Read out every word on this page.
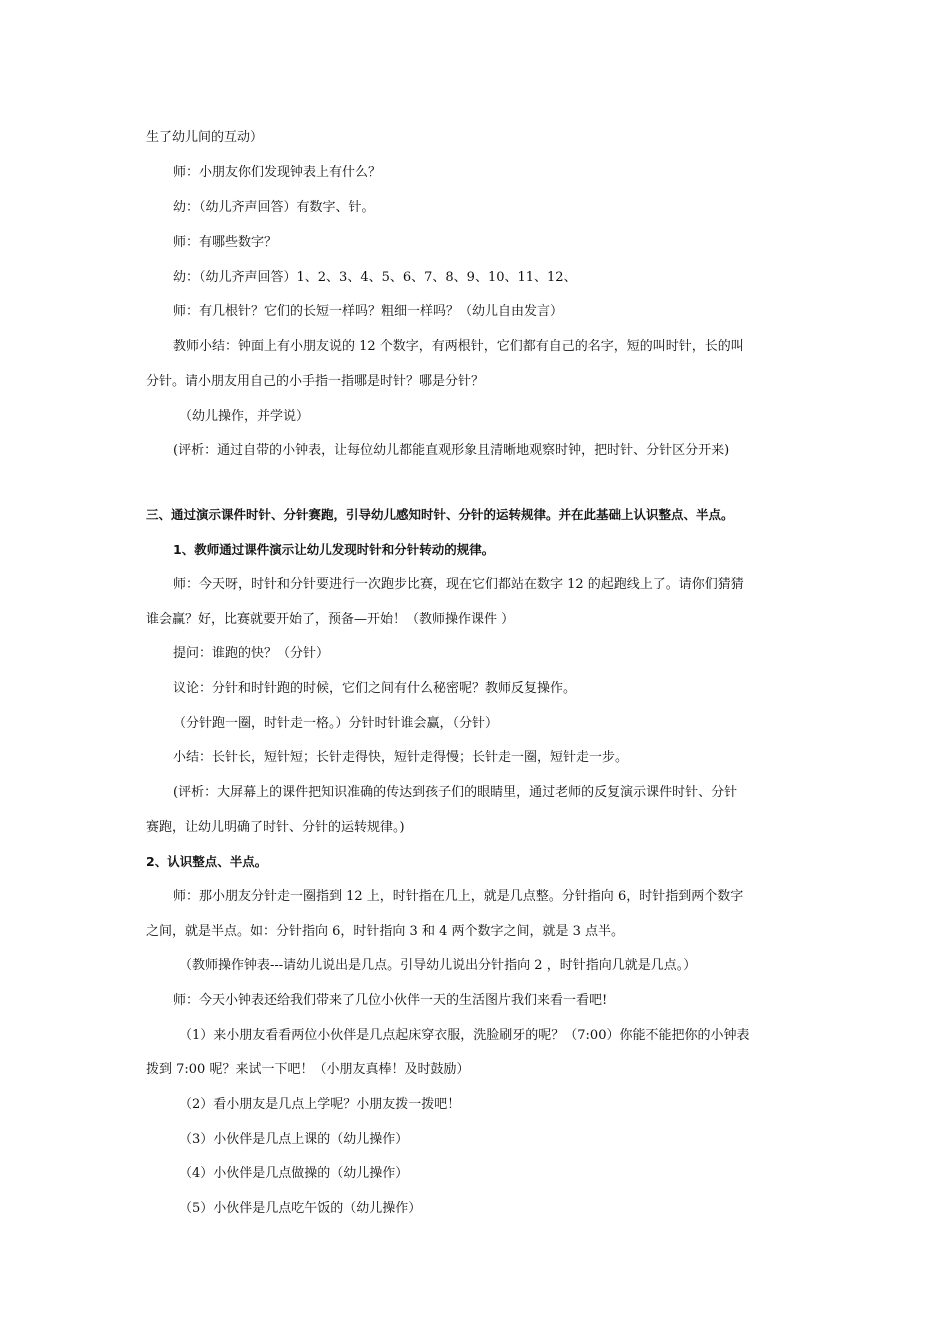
生了幼儿间的互动）
师：小朋友你们发现钟表上有什么？
幼：（幼儿齐声回答）有数字、针。
师：有哪些数字？
幼：（幼儿齐声回答）1、2、3、4、5、6、7、8、9、10、11、12、
师：有几根针？它们的长短一样吗？粗细一样吗？（幼儿自由发言）
教师小结：钟面上有小朋友说的 12 个数字，有两根针，它们都有自己的名字，短的叫时针，长的叫
分针。请小朋友用自己的小手指一指哪是时针？哪是分针？
（幼儿操作，并学说）
(评析：通过自带的小钟表，让每位幼儿都能直观形象且清晰地观察时钟，把时针、分针区分开来)
三、通过演示课件时针、分针赛跑，引导幼儿感知时针、分针的运转规律。并在此基础上认识整点、半点。
1、教师通过课件演示让幼儿发现时针和分针转动的规律。
师：今天呀，时针和分针要进行一次跑步比赛，现在它们都站在数字 12 的起跑线上了。请你们猜猜
谁会赢？好，比赛就要开始了，预备—开始！（教师操作课件 ）
提问：谁跑的快？（分针）
议论：分针和时针跑的时候，它们之间有什么秘密呢？教师反复操作。
（分针跑一圈，时针走一格。）分针时针谁会赢，（分针）
小结：长针长，短针短；长针走得快，短针走得慢；长针走一圈，短针走一步。
(评析：大屏幕上的课件把知识准确的传达到孩子们的眼睛里，通过老师的反复演示课件时针、分针
赛跑，让幼儿明确了时针、分针的运转规律。)
2、认识整点、半点。
师：那小朋友分针走一圈指到 12 上，时针指在几上，就是几点整。分针指向 6，时针指到两个数字
之间，就是半点。如：分针指向 6，时针指向 3 和 4 两个数字之间，就是 3 点半。
（教师操作钟表---请幼儿说出是几点。引导幼儿说出分针指向 2 ，时针指向几就是几点。）
师：今天小钟表还给我们带来了几位小伙伴一天的生活图片我们来看一看吧!
（1）来小朋友看看两位小伙伴是几点起床穿衣服，洗脸刷牙的呢？（7:00）你能不能把你的小钟表
拨到 7:00 呢？来试一下吧！（小朋友真棒！及时鼓励）
（2）看小朋友是几点上学呢？小朋友拨一拨吧！
（3）小伙伴是几点上课的（幼儿操作）
（4）小伙伴是几点做操的（幼儿操作）
（5）小伙伴是几点吃午饭的（幼儿操作）
